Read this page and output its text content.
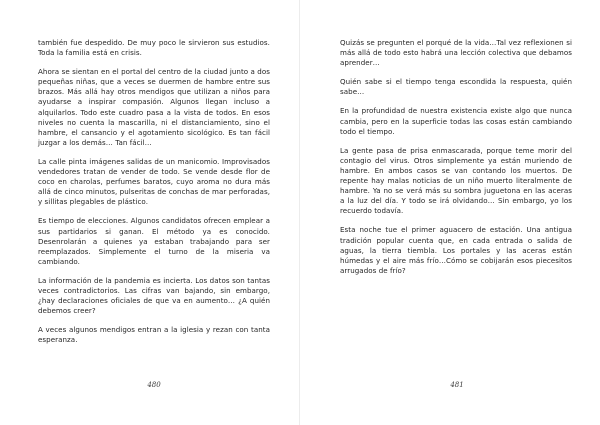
también fue despedido. De muy poco le sirvieron sus estudios. Toda la familia está en crisis.

Ahora se sientan en el portal del centro de la ciudad junto a dos pequeñas niñas, que a veces se duermen de hambre entre sus brazos. Más allá hay otros mendigos que utilizan a niños para ayudarse a inspirar compasión. Algunos llegan incluso a alquilarlos. Todo este cuadro pasa a la vista de todos. En esos niveles no cuenta la mascarilla, ni el distanciamiento, sino el hambre, el cansancio y el agotamiento sicológico. Es tan fácil juzgar a los demás… Tan fácil…

La calle pinta imágenes salidas de un manicomio. Improvisados vendedores tratan de vender de todo. Se vende desde flor de coco en charolas, perfumes baratos, cuyo aroma no dura más allá de cinco minutos, pulseritas de conchas de mar perforadas, y sillitas plegables de plástico.

Es tiempo de elecciones. Algunos candidatos ofrecen emplear a sus partidarios si ganan. El método ya es conocido. Desenrolarán a quienes ya estaban trabajando para ser reemplazados. Simplemente el turno de la miseria va cambiando.

La información de la pandemia es incierta. Los datos son tantas veces contradictorios. Las cifras van bajando, sin embargo, ¿hay declaraciones oficiales de que va en aumento… ¿A quién debemos creer?

A veces algunos mendigos entran a la iglesia y rezan con tanta esperanza.

Quizás se pregunten el porqué de la vida…Tal vez reflexionen si más allá de todo esto habrá una lección colectiva que debamos aprender…

Quién sabe si el tiempo tenga escondida la respuesta, quién sabe…

En la profundidad de nuestra existencia existe algo que nunca cambia, pero en la superficie todas las cosas están cambiando todo el tiempo.

La gente pasa de prisa enmascarada, porque teme morir del contagio del virus. Otros simplemente ya están muriendo de hambre. En ambos casos se van contando los muertos. De repente hay malas noticias de un niño muerto literalmente de hambre. Ya no se verá más su sombra juguetona en las aceras a la luz del día. Y todo se irá olvidando… Sin embargo, yo los recuerdo todavía.

Esta noche tue el primer aguacero de estación. Una antigua tradición popular cuenta que, en cada entrada o salida de aguas, la tierra tiembla. Los portales y las aceras están húmedas y el aire más frío…Cómo se cobijarán esos piecesitos arrugados de frío?

480	481
